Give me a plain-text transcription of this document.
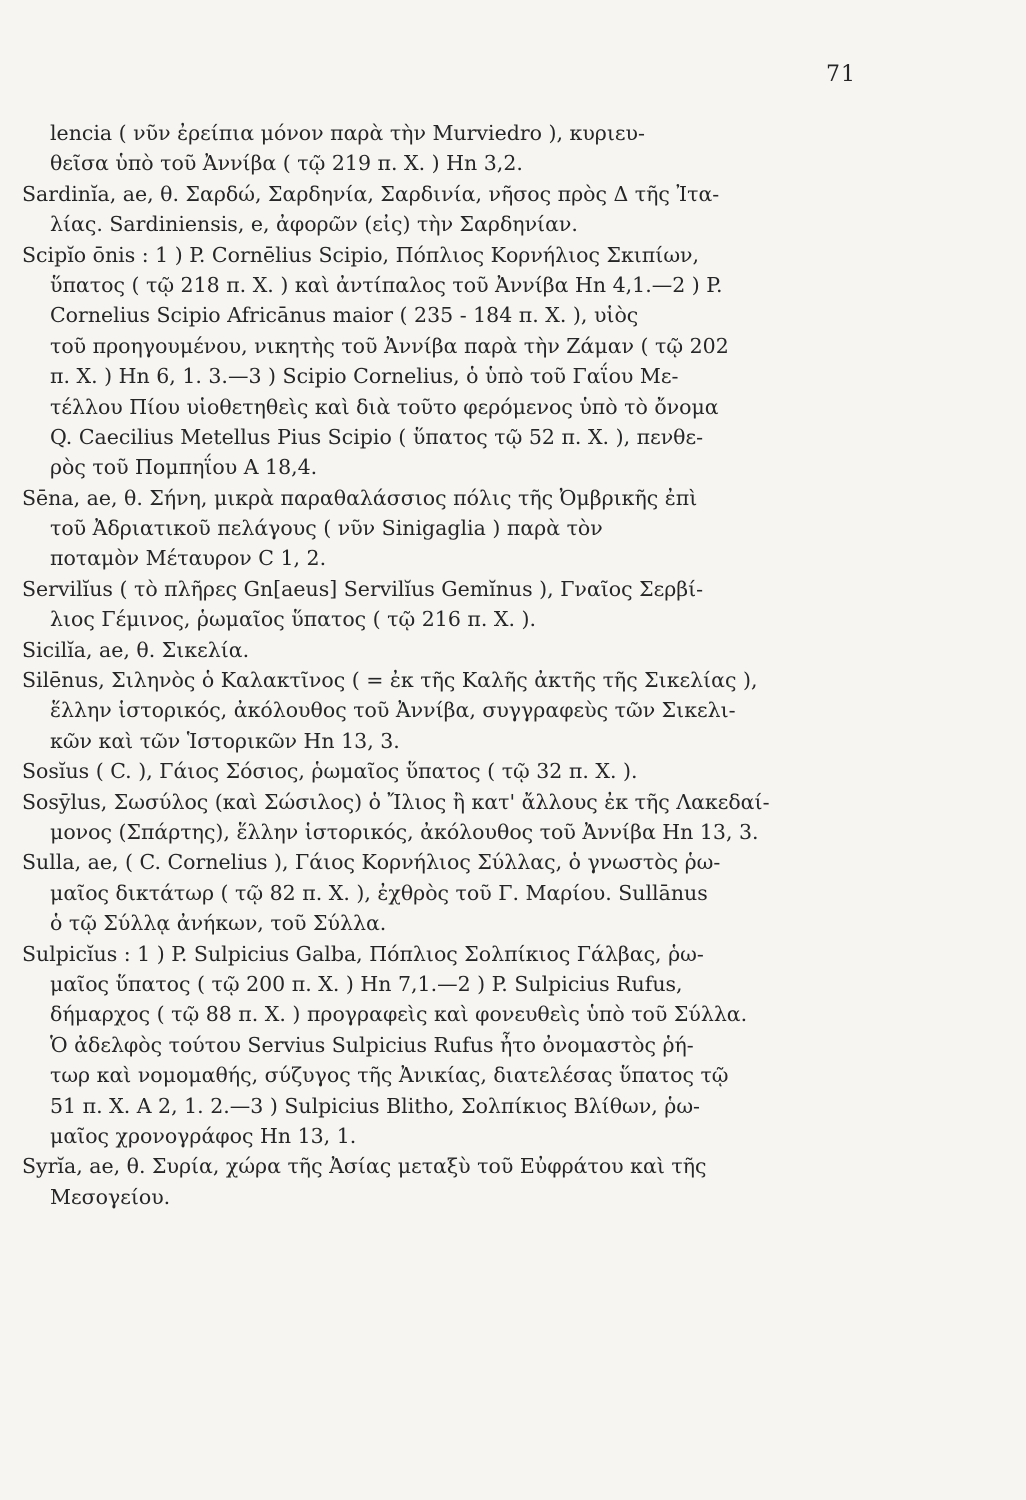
71
lencia ( νῦν ἐρείπια μόνον παρὰ τὴν Murviedro ), κυριευ-
θεῖσα ὑπὸ τοῦ Ἀννίβα ( τῷ 219 π. Χ. ) Hn 3,2.
Sardinĭa, ae, θ. Σαρδώ, Σαρδηνία, Σαρδινία, νῆσος πρὸς Δ τῆς Ἰτα-
λίας. Sardiniensis, e, ἀφορῶν (εἰς) τὴν Σαρδηνίαν.
Scipĭo ōnis : 1 ) P. Cornēlius Scipio, Πόπλιος Κορνήλιος Σκιπίων,
ὕπατος ( τῷ 218 π. Χ. ) καὶ ἀντίπαλος τοῦ Ἀννίβα Hn 4,1.—2 ) P.
Cornelius Scipio Africānus maior ( 235 - 184 π. Χ. ), υἱὸς
τοῦ προηγουμένου, νικητὴς τοῦ Ἀννίβα παρὰ τὴν Ζάμαν ( τῷ 202
π. Χ. ) Hn 6, 1. 3.—3 ) Scipio Cornelius, ὁ ὑπὸ τοῦ Γαΐου Με-
τέλλου Πίου υἱοθετηθεὶς καὶ διὰ τοῦτο φερόμενος ὑπὸ τὸ ὄνομα
Q. Caecilius Metellus Pius Scipio ( ὕπατος τῷ 52 π. Χ. ), πενθε-
ρὸς τοῦ Πομπηΐου A 18,4.
Sēna, ae, θ. Σήνη, μικρὰ παραθαλάσσιος πόλις τῆς Ὀμβρικῆς ἐπὶ
τοῦ Ἀδριατικοῦ πελάγους ( νῦν Sinigaglia ) παρὰ τὸν
ποταμὸν Μέταυρον C 1, 2.
Servilĭus ( τὸ πλῆρες Gn[aeus] Servilĭus Gemĭnus ), Γναῖος Σερβί-
λιος Γέμινος, ῥωμαῖος ὕπατος ( τῷ 216 π. Χ. ).
Sicilĭa, ae, θ. Σικελία.
Silēnus, Σιληνὸς ὁ Καλακτῖνος ( = ἐκ τῆς Καλῆς ἀκτῆς τῆς Σικελίας ),
ἕλλην ἱστορικός, ἀκόλουθος τοῦ Ἀννίβα, συγγραφεὺς τῶν Σικελι-
κῶν καὶ τῶν Ἱστορικῶν Hn 13, 3.
Sosĭus ( C. ), Γάιος Σόσιος, ῥωμαῖος ὕπατος ( τῷ 32 π. Χ. ).
Sosȳlus, Σωσύλος (καὶ Σώσιλος) ὁ Ἴλιος ἢ κατ' ἄλλους ἐκ τῆς Λακεδαί-
μονος (Σπάρτης), ἕλλην ἱστορικός, ἀκόλουθος τοῦ Ἀννίβα Hn 13, 3.
Sulla, ae, ( C. Cornelius ), Γάιος Κορνήλιος Σύλλας, ὁ γνωστὸς ῥω-
μαῖος δικτάτωρ ( τῷ 82 π. Χ. ), ἐχθρὸς τοῦ Γ. Μαρίου. Sullānus
ὁ τῷ Σύλλᾳ ἀνήκων, τοῦ Σύλλα.
Sulpicĭus : 1 ) P. Sulpicius Galba, Πόπλιος Σολπίκιος Γάλβας, ῥω-
μαῖος ὕπατος ( τῷ 200 π. Χ. ) Hn 7,1.—2 ) P. Sulpicius Rufus,
δήμαρχος ( τῷ 88 π. Χ. ) προγραφεὶς καὶ φονευθεὶς ὑπὸ τοῦ Σύλλα.
Ὁ ἀδελφὸς τούτου Servius Sulpicius Rufus ἦτο ὀνομαστὸς ῥή-
τωρ καὶ νομομαθής, σύζυγος τῆς Ἀνικίας, διατελέσας ὕπατος τῷ
51 π. Χ. A 2, 1. 2.—3 ) Sulpicius Blitho, Σολπίκιος Βλίθων, ῥω-
μαῖος χρονογράφος Hn 13, 1.
Syrĭa, ae, θ. Συρία, χώρα τῆς Ἀσίας μεταξὺ τοῦ Εὐφράτου καὶ τῆς
Μεσογείου.
